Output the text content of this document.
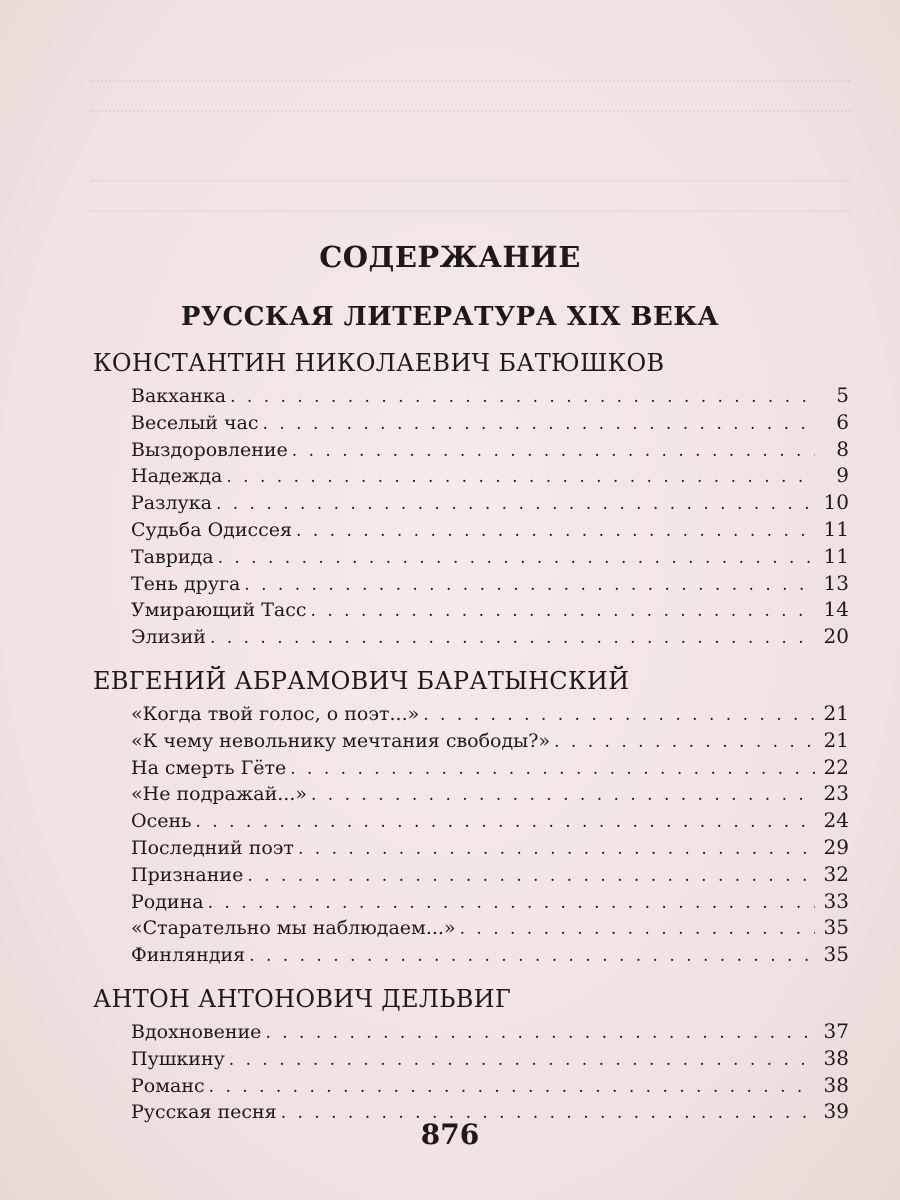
СОДЕРЖАНИЕ
РУССКАЯ ЛИТЕРАТУРА XIX ВЕКА
КОНСТАНТИН НИКОЛАЕВИЧ БАТЮШКОВ
Вакханка . . .	5
Веселый час . . .	6
Выздоровление . . .	8
Надежда . . .	9
Разлука . . .	10
Судьба Одиссея . . .	11
Таврида . . .	11
Тень друга . . .	13
Умирающий Тасс . . .	14
Элизий . . .	20
ЕВГЕНИЙ АБРАМОВИЧ БАРАТЫНСКИЙ
«Когда твой голос, о поэт...» . . .	21
«К чему невольнику мечтания свободы?» . . .	21
На смерть Гёте . . .	22
«Не подражай...» . . .	23
Осень . . .	24
Последний поэт . . .	29
Признание . . .	32
Родина . . .	33
«Старательно мы наблюдаем...» . . .	35
Финляндия . . .	35
АНТОН АНТОНОВИЧ ДЕЛЬВИГ
Вдохновение . . .	37
Пушкину . . .	38
Романс . . .	38
Русская песня . . .	39
876
